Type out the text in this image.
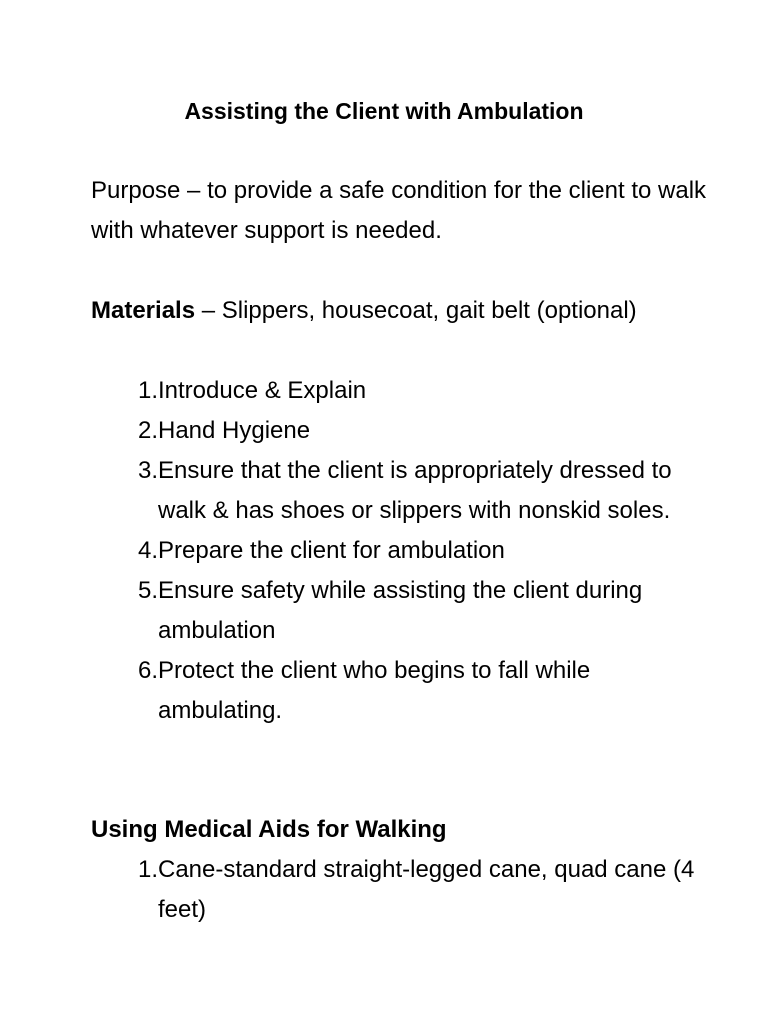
Assisting the Client with Ambulation

Purpose – to provide a safe condition for the client to walk with whatever support is needed.

Materials – Slippers, housecoat, gait belt (optional)

1. Introduce & Explain
2. Hand Hygiene
3. Ensure that the client is appropriately dressed to walk & has shoes or slippers with nonskid soles.
4. Prepare the client for ambulation
5. Ensure safety while assisting the client during ambulation
6. Protect the client who begins to fall while ambulating.
Using Medical Aids for Walking
1. Cane-standard straight-legged cane, quad cane (4 feet)
